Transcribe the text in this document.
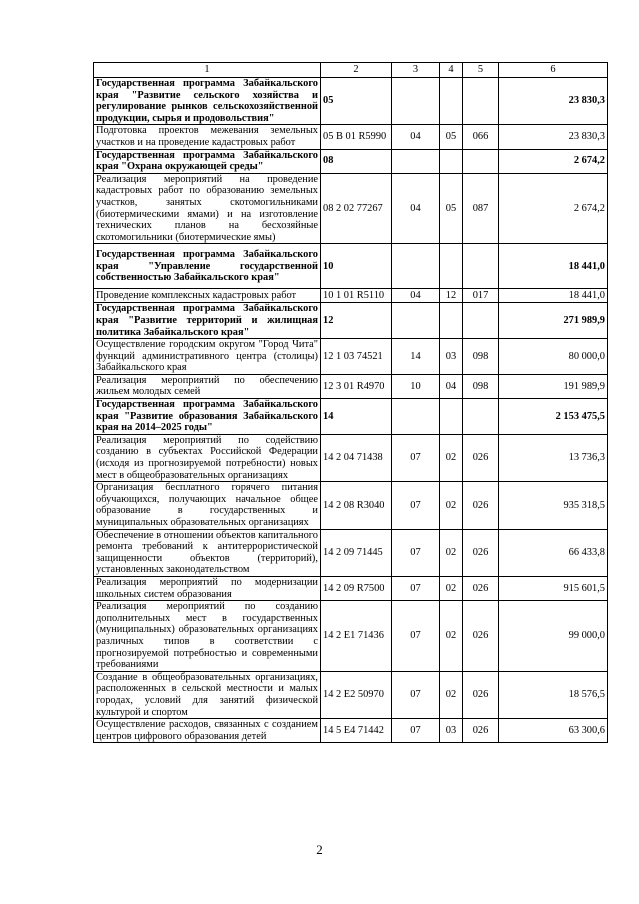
1	2	3	4	5	6
Государственная программа Забайкальского края "Развитие сельского хозяйства и регулирование рынков сельскохозяйственной продукции, сырья и продовольствия"	05				23 830,3
Подготовка проектов межевания земельных участков и на проведение кадастровых работ	05 В 01 R5990	04	05	066	23 830,3
Государственная программа Забайкальского края "Охрана окружающей среды"	08				2 674,2
Реализация мероприятий на проведение кадастровых работ по образованию земельных участков, занятых скотомогильниками (биотермическими ямами) и на изготовление технических планов на бесхозяйные скотомогильники (биотермические ямы)	08 2 02 77267	04	05	087	2 674,2
Государственная программа Забайкальского края "Управление государственной собственностью Забайкальского края"	10				18 441,0
Проведение комплексных кадастровых работ	10 1 01 R5110	04	12	017	18 441,0
Государственная программа Забайкальского края "Развитие территорий и жилищная политика Забайкальского края"	12				271 989,9
Осуществление городским округом "Город Чита" функций административного центра (столицы) Забайкальского края	12 1 03 74521	14	03	098	80 000,0
Реализация мероприятий по обеспечению жильем молодых семей	12 3 01 R4970	10	04	098	191 989,9
Государственная программа Забайкальского края "Развитие образования Забайкальского края на 2014–2025 годы"	14				2 153 475,5
Реализация мероприятий по содействию созданию в субъектах Российской Федерации (исходя из прогнозируемой потребности) новых мест в общеобразовательных организациях	14 2 04 71438	07	02	026	13 736,3
Организация бесплатного горячего питания обучающихся, получающих начальное общее образование в государственных и муниципальных образовательных организациях	14 2 08 R3040	07	02	026	935 318,5
Обеспечение в отношении объектов капитального ремонта требований к антитеррористической защищенности объектов (территорий), установленных законодательством	14 2 09 71445	07	02	026	66 433,8
Реализация мероприятий по модернизации школьных систем образования	14 2 09 R7500	07	02	026	915 601,5
Реализация мероприятий по созданию дополнительных мест в государственных (муниципальных) образовательных организациях различных типов в соответствии с прогнозируемой потребностью и современными требованиями	14 2 E1 71436	07	02	026	99 000,0
Создание в общеобразовательных организациях, расположенных в сельской местности и малых городах, условий для занятий физической культурой и спортом	14 2 E2 50970	07	02	026	18 576,5
Осуществление расходов, связанных с созданием центров цифрового образования детей	14 5 E4 71442	07	03	026	63 300,6
2
